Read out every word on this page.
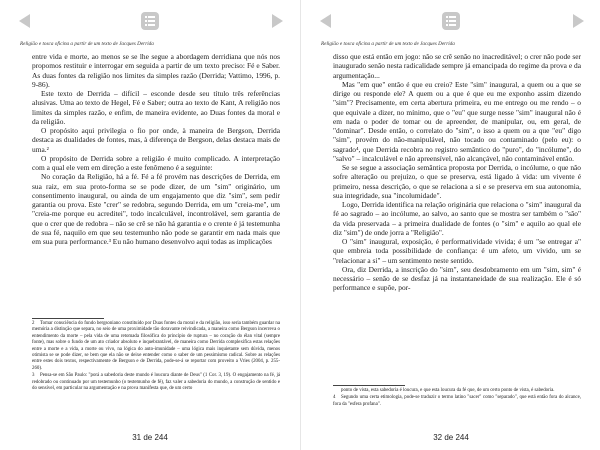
Religião e tosca oficina a partir de um texto de Jacques Derrida

entre vida e morte, ao menos se se lhe segue a abordagem derridiana que nós nos propomos restituir e interrogar em seguida a partir de um texto preciso: Fé e Saber. As duas fontes da religião nos limites da simples razão (Derrida; Vattimo, 1996, p. 9-86).

Este texto de Derrida – difícil – esconde desde seu título três referências alusivas. Uma ao texto de Hegel, Fé e Saber; outra ao texto de Kant, A religião nos limites da simples razão, e enfim, de maneira evidente, ao Duas fontes da moral e da religião.

O propósito aqui privilegia o fio por onde, à maneira de Bergson, Derrida destaca as dualidades de fontes, mas, à diferença de Bergson, delas destaca mais de uma.²

O propósito de Derrida sobre a religião é muito complicado. A interpretação com a qual ele vem em direção a este fenômeno é a seguinte:

No coração da Religião, há a fé. Fé a fé provém nas descrições de Derrida, em sua raiz, em sua proto-forma se se pode dizer, de um "sim" originário, um consentimento inaugural, ou ainda de um engajamento que diz "sim", sem pedir garantia ou prova. Este "crer" se redobra, segundo Derrida, em um "creia-me", um "creia-me porque eu acreditei", todo incalculável, incontrolável, sem garantia de que o crer que de redobra – não se crê se não há garantia e o crente é já testemunha de sua fé, naquilo em que seu testemunho não pode se garantir em nada mais que em sua pura performance.³ Eu não humano desenvolvo aqui todas as implicações

2 Tomar consciência do fundo bergsoniano constituído por Duas fontes da moral e da religião, isso seria também guardar na memória a distinção que separa, no seio de uma proximidade tão doravante reivindicada, a maneira como Bergson incerreva o entendimento da morte – pela vida de uma retomada filosófica do princípio de ruptura – no coração do élan vital (sempre fonte), mas sobre o fundo de um ato criador absoluto e inquebrantável, de maneira como Derrida complexifica estas relações entre a morte e a vida, a morte ou vivo, na lógica do auto-imunidade – uma lógica mais inquietante sem dúvida, menos otimista se se pode dizer, se bem que ela não se deixe entender como o saber de um pessimismo radical. Sobre as relações entre estes dois textos, respectivamente de Bergson e de Derrida, pode-se-á se reportar com proveito a Vries (2004, p. 255-260).

3 Pensa-se em São Paulo: "porá a sabedoria deste mundo é loucura diante de Deus" (1 Cor. 3, 19). O engajamento na fé, já redobrado ou continuado por um testemunho (o testemunho de fé), faz valer a sabedoria do mundo, a construção de sentido e do sensível, em particular na argumentação e na prova manifesta que, de um certo

31 de 244
Religião e tosca oficina a partir de um texto de Jacques Derrida

disso que está então em jogo: não se crê senão no inacreditável; o crer não pode ser inaugurado senão nesta radicalidade sempre já emancipada do regime da prova e da argumentação...

Mas "em que" então é que eu creio? Este "sim" inaugural, a quem ou a que se dirige ou responde ele? A quem ou a que é que eu me exponho assim dizendo "sim"? Precisamente, em certa abertura primeira, eu me entrego ou me rendo – o que equivale a dizer, no mínimo, que o "eu" que surge nesse "sim" inaugural não é em nada o poder de tomar ou de apreender, de manipular, ou, em geral, de "dominar". Desde então, o correlato do "sim", o isso a quem ou a que "eu" digo "sim", provém do não-manipulável, não tocado ou contaminado (pelo eu): o sagrado⁴, que Derrida recobra no registro semântico do "puro", do "incólume", do "salvo" – incalculável e não apreensível, não alcançável, não contaminável então.

Se se segue a associação semântica proposta por Derrida, o incólume, o que não sofre alteração ou prejuízo, o que se preserva, está ligado à vida: um vivente é primeiro, nessa descrição, o que se relaciona a si e se preserva em sua autonomia, sua integridade, sua "incolumidade".

Logo, Derrida identifica na relação originária que relaciona o "sim" inaugural da fé ao sagrado – ao incólume, ao salvo, ao santo que se mostra ser também o "são" da vida preservada – a primeira dualidade de fontes (o "sim" e aquilo ao qual ele diz "sim") de onde jorra a "Religião".

O "sim" inaugural, exposição, é performatividade vivida; é um "se entregar a" que embreia toda possibilidade de confiança: é um afeto, um vivido, um se "relacionar a si" – um sentimento neste sentido.

Ora, diz Derrida, a inscrição do "sim", seu desdobramento em um "sim, sim" é necessário – senão de se desfaz já na instantaneidade de sua realização. Ele é só performance e supõe, por-

ponto de vista, esta sabedoria é loucura, e que esta loucura da fé que, de um certo ponto de vista, é sabedoria.

4 Segundo uma certa etimologia, pode-se traduzir o termo latino "sacer" como "separado", que está então fora do alcance, fora da "esfera profana".

32 de 244
